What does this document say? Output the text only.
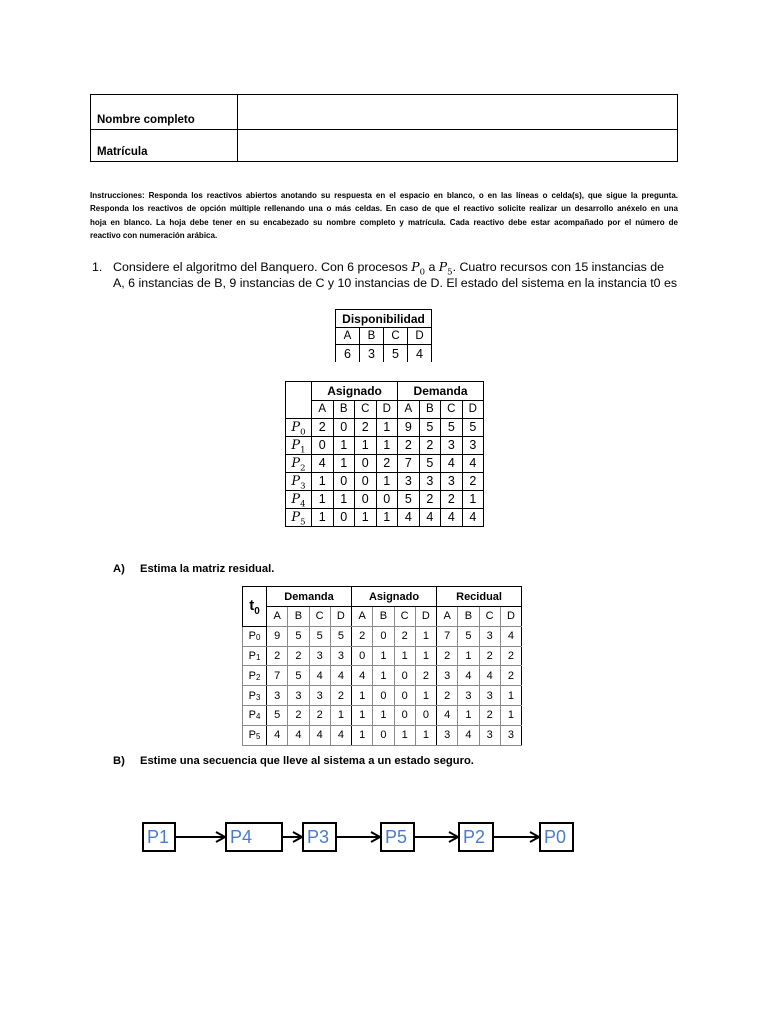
Nombre completo	
Matrícula	
Instrucciones: Responda los reactivos abiertos anotando su respuesta en el espacio en blanco, o en las líneas o celda(s), que sigue la pregunta.
Responda los reactivos de opción múltiple rellenando una o más celdas. En caso de que el reactivo solicite realizar un desarrollo anéxelo en una
hoja en blanco. La hoja debe tener en su encabezado su nombre completo y matrícula. Cada reactivo debe estar acompañado por el número de
reactivo con numeración arábica.
1. Considere el algoritmo del Banquero. Con 6 procesos $P_0$ a $P_5$. Cuatro recursos con 15 instancias de
A, 6 instancias de B, 9 instancias de C y 10 instancias de D. El estado del sistema en la instancia t0 es
Disponibilidad			
A	B	C	D
6	3	5	4
	Asignado				Demanda			
	A	B	C	D	A	B	C	D
$P_0$	2	0	2	1	9	5	5	5
$P_1$	0	1	1	1	2	2	3	3
$P_2$	4	1	0	2	7	5	4	4
$P_3$	1	0	0	1	3	3	3	2
$P_4$	1	1	0	0	5	2	2	1
$P_5$	1	0	1	1	4	4	4	4
A) Estima la matriz residual.
$t_0$	Demanda				Asignado				Recidual			
	A	B	C	D	A	B	C	D	A	B	C	D
$P_0$	9	5	5	5	2	0	2	1	7	5	3	4
$P_1$	2	2	3	3	0	1	1	1	2	1	2	2
$P_2$	7	5	4	4	4	1	0	2	3	4	4	2
$P_3$	3	3	3	2	1	0	0	1	2	3	3	1
$P_4$	5	2	2	1	1	1	0	0	4	1	2	1
$P_5$	4	4	4	4	1	0	1	1	3	4	3	3
B) Estime una secuencia que lleve al sistema a un estado seguro.
P1	P4	P3	P5	P2	P0
